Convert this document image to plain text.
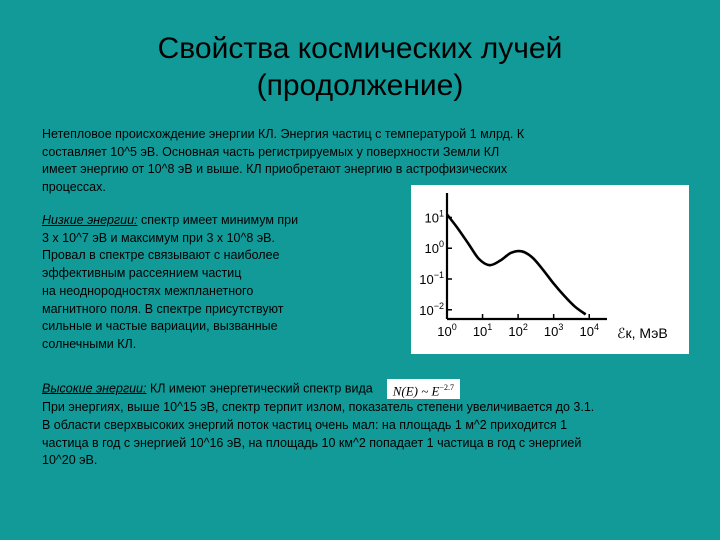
Свойства космических лучей
(продолжение)
Нетепловое происхождение энергии КЛ. Энергия частиц с температурой 1 млрд. К
составляет 10^5 эВ. Основная часть регистрируемых у поверхности Земли КЛ
имеет энергию от 10^8 эВ и выше. КЛ приобретают энергию в астрофизических
процессах.
Низкие энергии: спектр имеет минимум при
3 х 10^7 эВ и максимум при 3 х 10^8 эВ.
Провал в спектре связывают с наиболее
эффективным рассеянием частиц
на неоднородностях межпланетного
магнитного поля. В спектре присутствуют
сильные и частые вариации, вызванные
солнечными КЛ.
$10^1$
$10^0$
$10^{-1}$
$10^{-2}$
$10^0$ $10^1$ $10^2$ $10^3$ $10^4$ ℰк, МэВ
Высокие энергии: КЛ имеют энергетический спектр вида N(E) ~ $E^{-2.7}$
При энергиях, выше 10^15 эВ, спектр терпит излом, показатель степени увеличивается до 3.1.
В области сверхвысоких энергий поток частиц очень мал: на площадь 1 м^2 приходится 1
частица в год с энергией 10^16 эВ, на площадь 10 км^2 попадает 1 частица в год с энергией
10^20 эВ.
